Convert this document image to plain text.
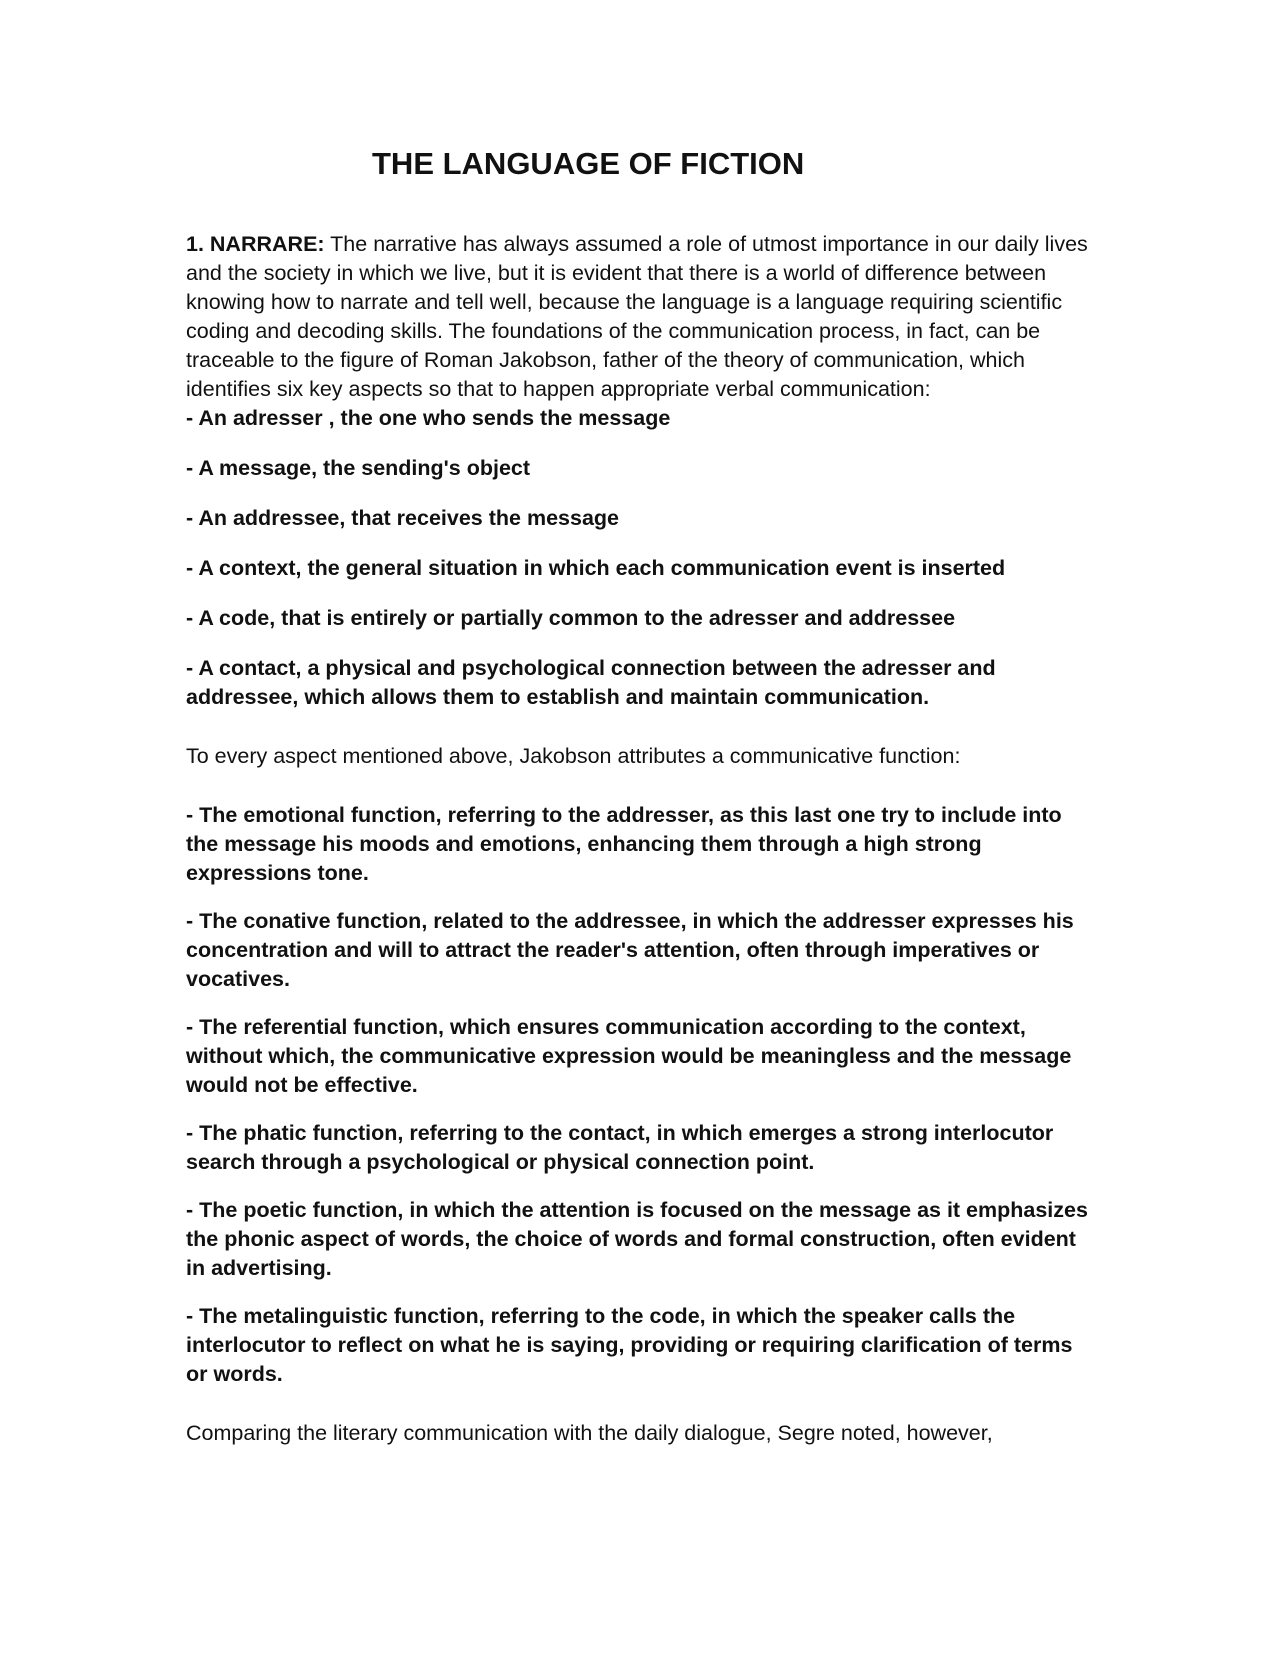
THE LANGUAGE OF FICTION

1. NARRARE: The narrative has always assumed a role of utmost importance in our daily lives and the society in which we live, but it is evident that there is a world of difference between knowing how to narrate and tell well, because the language is a language requiring scientific coding and decoding skills. The foundations of the communication process, in fact, can be traceable to the figure of Roman Jakobson, father of the theory of communication, which identifies six key aspects so that to happen appropriate verbal communication:

- An adresser , the one who sends the message

- A message, the sending's object

- An addressee, that receives the message

- A context, the general situation in which each communication event is inserted

- A code, that is entirely or partially common to the adresser and addressee

- A contact, a physical and psychological connection between the adresser and addressee, which allows them to establish and maintain communication.

To every aspect mentioned above, Jakobson attributes a communicative function:

- The emotional function, referring to the addresser, as this last one try to include into the message his moods and emotions, enhancing them through a high strong expressions tone.

- The conative function, related to the addressee, in which the addresser expresses his concentration and will to attract the reader's attention, often through imperatives or vocatives.

- The referential function, which ensures communication according to the context, without which, the communicative expression would be meaningless and the message would not be effective.

- The phatic function, referring to the contact, in which emerges a strong interlocutor search through a psychological or physical connection point.

- The poetic function, in which the attention is focused on the message as it emphasizes the phonic aspect of words, the choice of words and formal construction, often evident in advertising.

- The metalinguistic function, referring to the code, in which the speaker calls the interlocutor to reflect on what he is saying, providing or requiring clarification of terms or words.

Comparing the literary communication with the daily dialogue, Segre noted, however,
